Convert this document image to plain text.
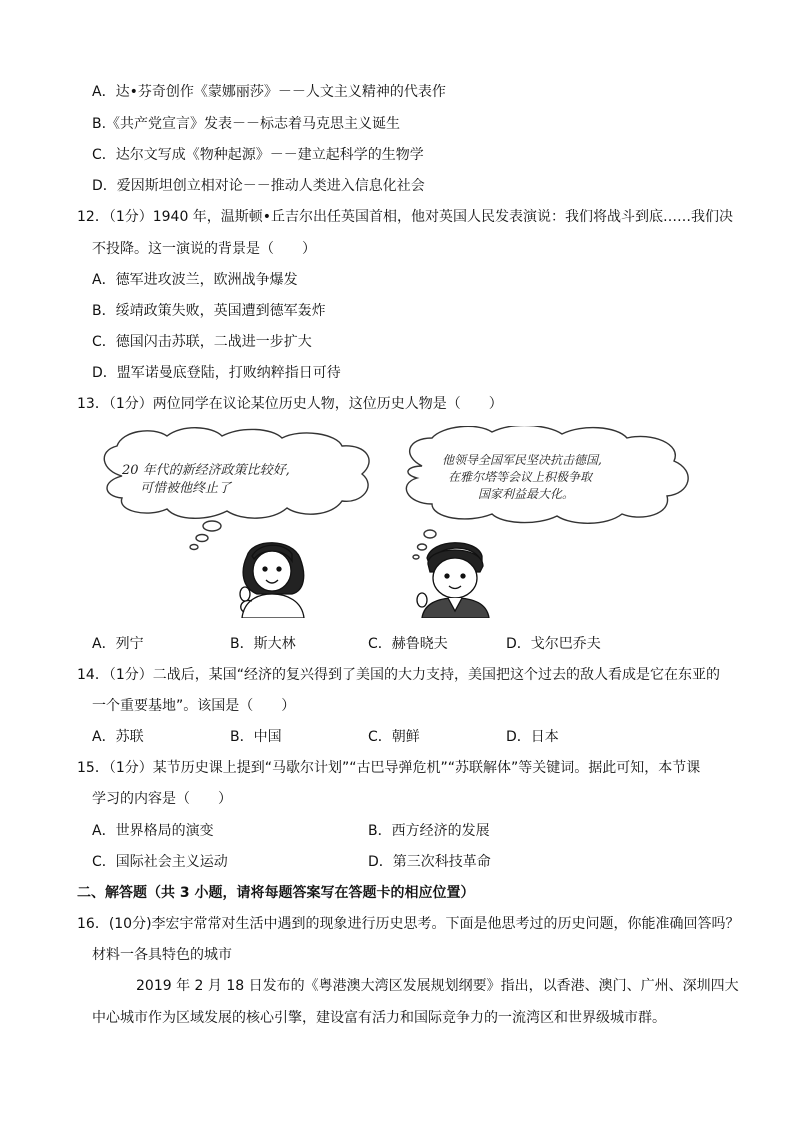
A．达•芬奇创作《蒙娜丽莎》－－人文主义精神的代表作
B.《共产党宣言》发表－－标志着马克思主义诞生
C．达尔文写成《物种起源》－－建立起科学的生物学
D．爱因斯坦创立相对论－－推动人类进入信息化社会
12．（1分）1940 年，温斯顿•丘吉尔出任英国首相，他对英国人民发表演说：我们将战斗到底……我们决
不投降。这一演说的背景是（　　）
A．德军进攻波兰，欧洲战争爆发
B．绥靖政策失败，英国遭到德军轰炸
C．德国闪击苏联，二战进一步扩大
D．盟军诺曼底登陆，打败纳粹指日可待
13．（1分）两位同学在议论某位历史人物，这位历史人物是（　　）
20 年代的新经济政策比较好,
可惜被他终止了
他领导全国军民坚决抗击德国,
在雅尔塔等会议上积极争取
国家利益最大化。
A．列宁	B．斯大林	C．赫鲁晓夫	D．戈尔巴乔夫
14．（1分）二战后，某国“经济的复兴得到了美国的大力支持，美国把这个过去的敌人看成是它在东亚的
一个重要基地”。该国是（　　）
A．苏联	B．中国	C．朝鲜	D．日本
15．（1分）某节历史课上提到“马歇尔计划”“古巴导弹危机”“苏联解体”等关键词。据此可知，本节课
学习的内容是（　　）
A．世界格局的演变	B．西方经济的发展
C．国际社会主义运动	D．第三次科技革命
二、解答题（共 3 小题，请将每题答案写在答题卡的相应位置）
16．(10分)李宏宇常常对生活中遇到的现象进行历史思考。下面是他思考过的历史问题，你能准确回答吗？
材料一各具特色的城市
2019 年 2 月 18 日发布的《粤港澳大湾区发展规划纲要》指出，以香港、澳门、广州、深圳四大
中心城市作为区域发展的核心引擎，建设富有活力和国际竞争力的一流湾区和世界级城市群。
